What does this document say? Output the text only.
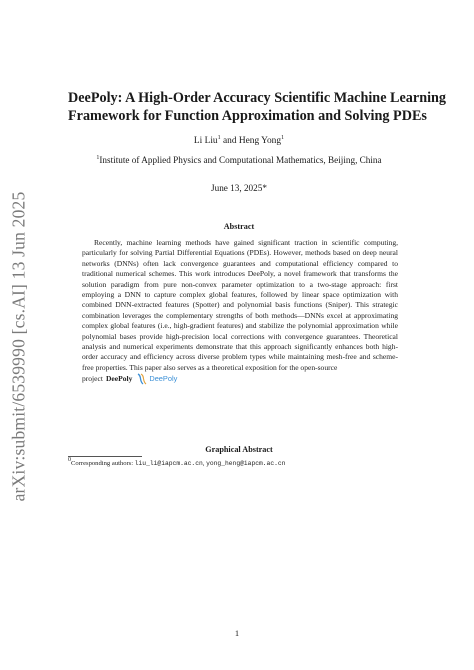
arXiv:submit/6539990 [cs.AI] 13 Jun 2025
DeePoly: A High-Order Accuracy Scientific Machine Learning
Framework for Function Approximation and Solving PDEs
Li Liu$^1$ and Heng Yong$^1$
$^1$Institute of Applied Physics and Computational Mathematics, Beijing, China
June 13, 2025*
Abstract

Recently, machine learning methods have gained significant traction in scientific computing, particularly for solving Partial Differential Equations (PDEs). However, methods based on deep neural networks (DNNs) often lack convergence guarantees and computational efficiency compared to traditional numerical schemes. This work introduces DeePoly, a novel framework that transforms the solution paradigm from pure non-convex parameter optimization to a two-stage approach: first employing a DNN to capture complex global features, followed by linear space optimization with combined DNN-extracted features (Spotter) and polynomial basis functions (Sniper). This strategic combination leverages the complementary strengths of both methods—DNNs excel at approximating complex global features (i.e., high-gradient features) and stabilize the polynomial approximation while polynomial bases provide high-precision local corrections with convergence guarantees. Theoretical analysis and numerical experiments demonstrate that this approach significantly enhances both high-order accuracy and efficiency across diverse problem types while maintaining mesh-free and scheme-free properties. This paper also serves as a theoretical exposition for the open-source

project DeePoly DeePoly
Graphical Abstract
$^0$Corresponding authors: liu_li@iapcm.ac.cn, yong_heng@iapcm.ac.cn
1
